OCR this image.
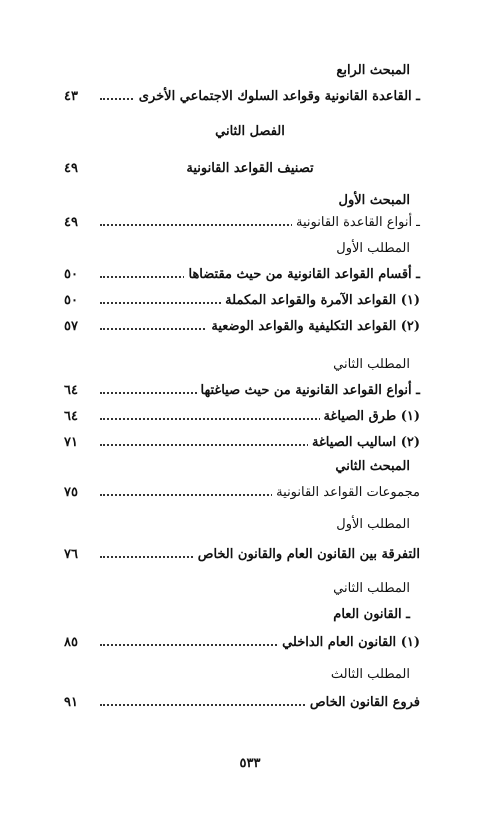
المبحث الرابع
ـ القاعدة القانونية وقواعد السلوك الاجتماعي الأخرى
٤٣
الفصل الثاني
تصنيف القواعد القانونية
٤٩
المبحث الأول
ـ أنواع القاعدة القانونية
٤٩
المطلب الأول
ـ أقسام القواعد القانونية من حيث مقتضاها
٥٠
(١) القواعد الآمرة والقواعد المكملة
٥٠
(٢) القواعد التكليفية والقواعد الوضعية
٥٧
المطلب الثاني
ـ أنواع القواعد القانونية من حيث صياغتها
٦٤
(١) طرق الصياغة
٦٤
(٢) اساليب الصياغة
٧١
المبحث الثاني
مجموعات القواعد القانونية
٧٥
المطلب الأول
التفرقة بين القانون العام والقانون الخاص
٧٦
المطلب الثاني
ـ القانون العام
(١) القانون العام الداخلي
٨٥
المطلب الثالث
فروع القانون الخاص
٩١
٥٣٣
